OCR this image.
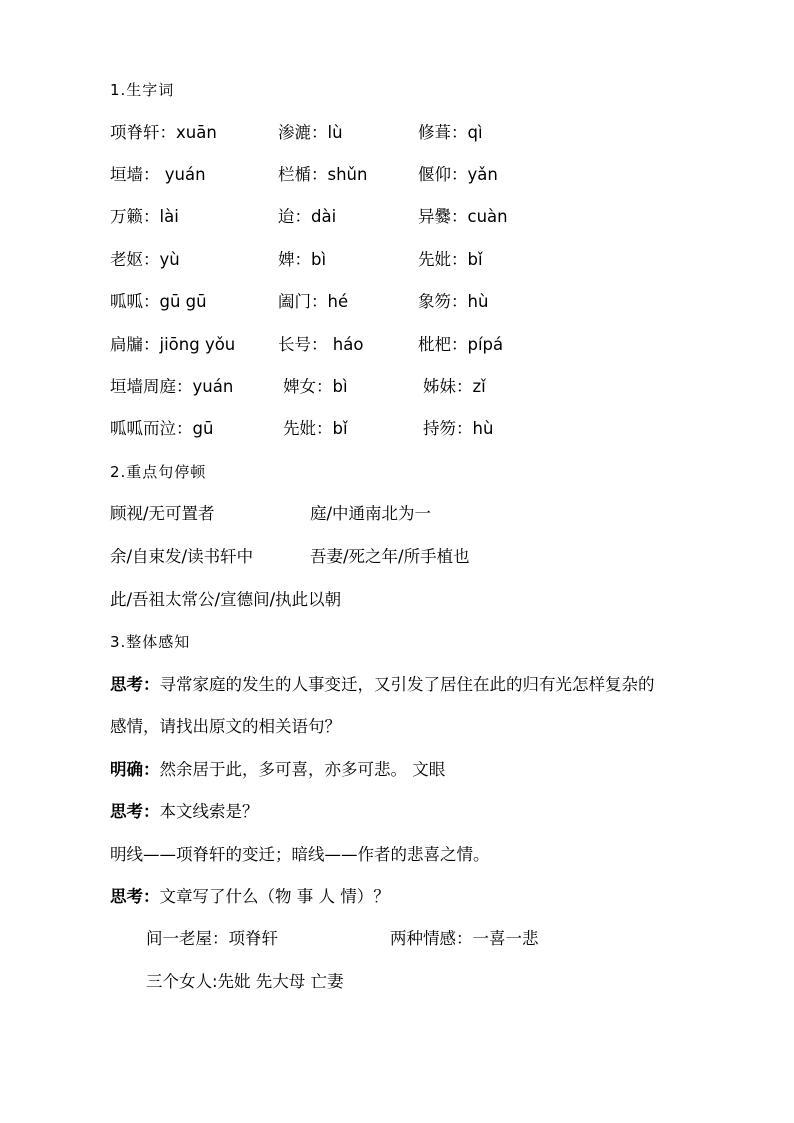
1.生字词
项脊轩：xuān	渗漉：lù	修葺：qì
垣墙： yuán	栏楯：shǔn	偃仰：yǎn
万籁：lài	迨：dài	异爨：cuàn
老妪：yù	婢：bì	先妣：bǐ
呱呱：gū gū	阖门：hé	象笏：hù
扃牖：jiōng yǒu	长号： háo	枇杷：pípá
垣墙周庭：yuán	婢女：bì	姊妹：zǐ
呱呱而泣：gū	先妣：bǐ	持笏：hù
2.重点句停顿
顾视/无可置者	庭/中通南北为一
余/自束发/读书轩中	吾妻/死之年/所手植也
此/吾祖太常公/宣德间/执此以朝
3.整体感知
思考：寻常家庭的发生的人事变迁，又引发了居住在此的归有光怎样复杂的
感情，请找出原文的相关语句？
明确：然余居于此，多可喜，亦多可悲。 文眼
思考：本文线索是？
明线——项脊轩的变迁；暗线——作者的悲喜之情。
思考：文章写了什么（物 事 人 情）？
间一老屋：项脊轩	两种情感：一喜一悲
三个女人:先妣 先大母 亡妻
